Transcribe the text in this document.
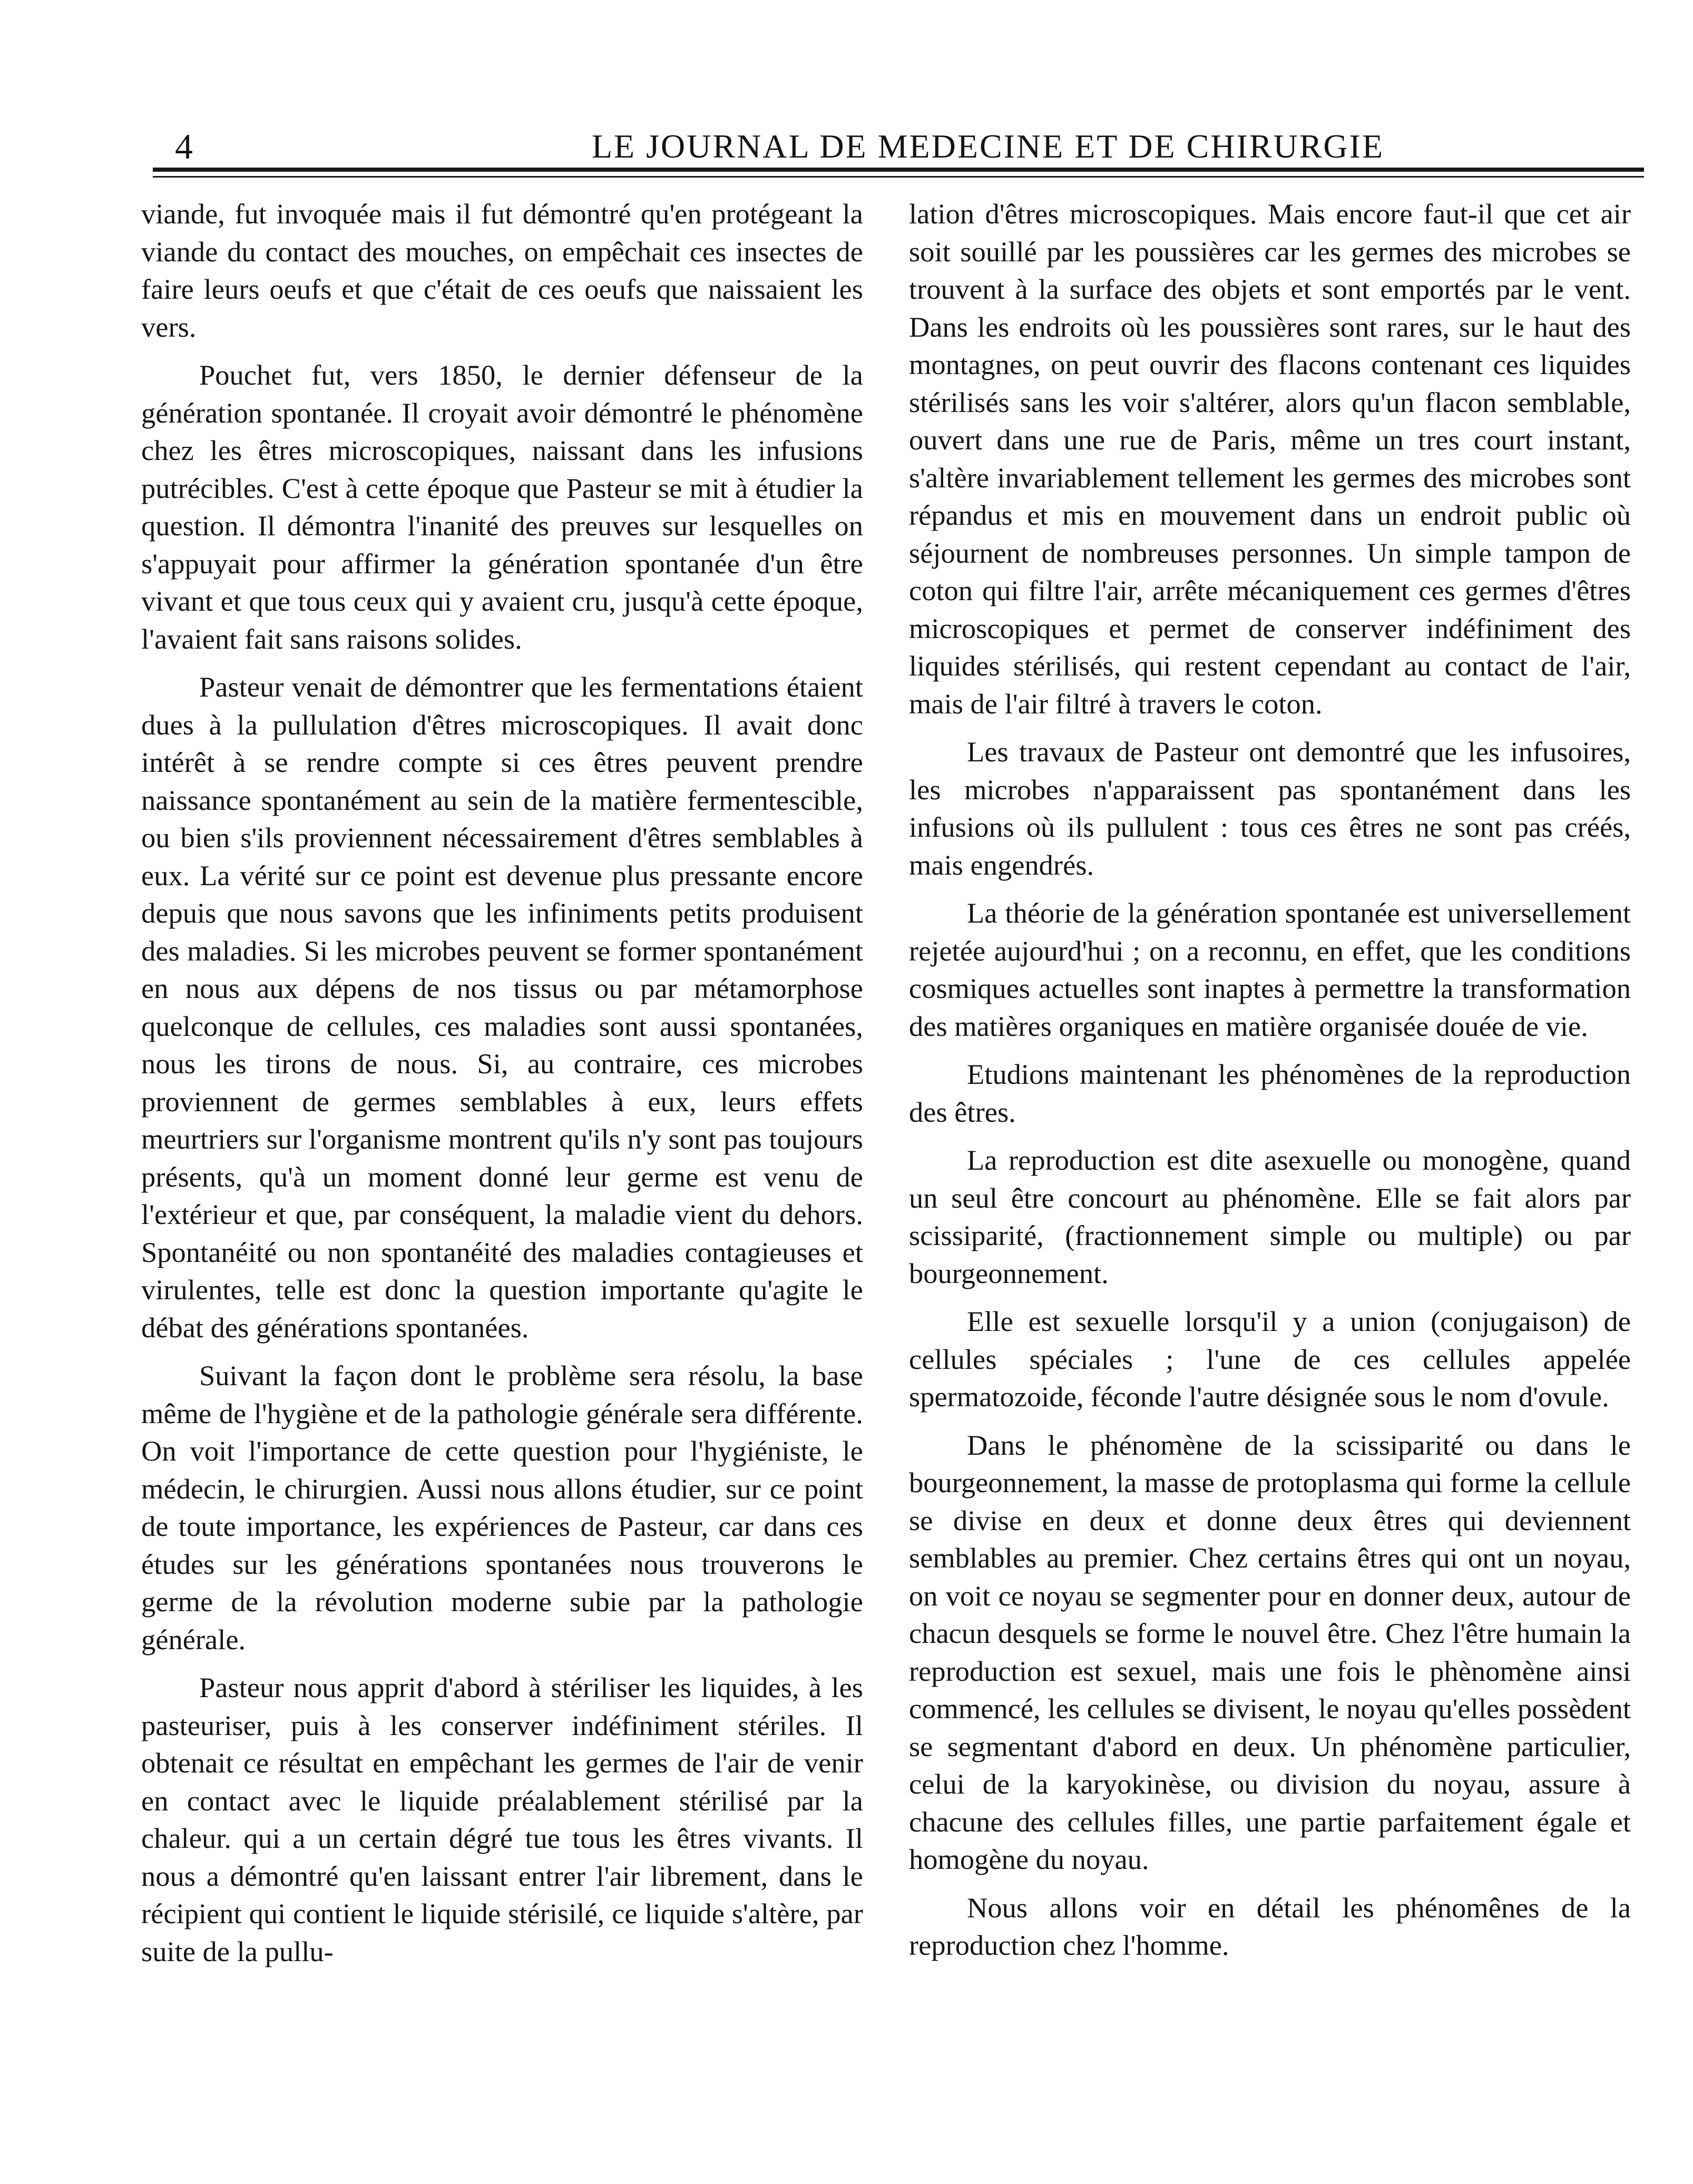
4	LE JOURNAL DE MEDECINE ET DE CHIRURGIE

viande, fut invoquée mais il fut démontré qu'en protégeant la viande du contact des mouches, on empêchait ces insectes de faire leurs oeufs et que c'était de ces oeufs que naissaient les vers.

Pouchet fut, vers 1850, le dernier défenseur de la génération spontanée. Il croyait avoir démontré le phénomène chez les êtres microscopiques, naissant dans les infusions putrécibles. C'est à cette époque que Pasteur se mit à étudier la question. Il démontra l'inanité des preuves sur lesquelles on s'appuyait pour affirmer la génération spontanée d'un être vivant et que tous ceux qui y avaient cru, jusqu'à cette époque, l'avaient fait sans raisons solides.

Pasteur venait de démontrer que les fermentations étaient dues à la pullulation d'êtres microscopiques. Il avait donc intérêt à se rendre compte si ces êtres peuvent prendre naissance spontanément au sein de la matière fermentescible, ou bien s'ils proviennent nécessairement d'êtres semblables à eux. La vérité sur ce point est devenue plus pressante encore depuis que nous savons que les infiniments petits produisent des maladies. Si les microbes peuvent se former spontanément en nous aux dépens de nos tissus ou par métamorphose quelconque de cellules, ces maladies sont aussi spontanées, nous les tirons de nous. Si, au contraire, ces microbes proviennent de germes semblables à eux, leurs effets meurtriers sur l'organisme montrent qu'ils n'y sont pas toujours présents, qu'à un moment donné leur germe est venu de l'extérieur et que, par conséquent, la maladie vient du dehors. Spontanéité ou non spontanéité des maladies contagieuses et virulentes, telle est donc la question importante qu'agite le débat des générations spontanées.

Suivant la façon dont le problème sera résolu, la base même de l'hygiène et de la pathologie générale sera différente. On voit l'importance de cette question pour l'hygiéniste, le médecin, le chirurgien. Aussi nous allons étudier, sur ce point de toute importance, les expériences de Pasteur, car dans ces études sur les générations spontanées nous trouverons le germe de la révolution moderne subie par la pathologie générale.

Pasteur nous apprit d'abord à stériliser les liquides, à les pasteuriser, puis à les conserver indéfiniment stériles. Il obtenait ce résultat en empêchant les germes de l'air de venir en contact avec le liquide préalablement stérilisé par la chaleur. qui a un certain dégré tue tous les êtres vivants. Il nous a démontré qu'en laissant entrer l'air librement, dans le récipient qui contient le liquide stérisilé, ce liquide s'altère, par suite de la pullu-

lation d'êtres microscopiques. Mais encore faut-il que cet air soit souillé par les poussières car les germes des microbes se trouvent à la surface des objets et sont emportés par le vent. Dans les endroits où les poussières sont rares, sur le haut des montagnes, on peut ouvrir des flacons contenant ces liquides stérilisés sans les voir s'altérer, alors qu'un flacon semblable, ouvert dans une rue de Paris, même un tres court instant, s'altère invariablement tellement les germes des microbes sont répandus et mis en mouvement dans un endroit public où séjournent de nombreuses personnes. Un simple tampon de coton qui filtre l'air, arrête mécaniquement ces germes d'êtres microscopiques et permet de conserver indéfiniment des liquides stérilisés, qui restent cependant au contact de l'air, mais de l'air filtré à travers le coton.

Les travaux de Pasteur ont demontré que les infusoires, les microbes n'apparaissent pas spontanément dans les infusions où ils pullulent : tous ces êtres ne sont pas créés, mais engendrés.

La théorie de la génération spontanée est universellement rejetée aujourd'hui ; on a reconnu, en effet, que les conditions cosmiques actuelles sont inaptes à permettre la transformation des matières organiques en matière organisée douée de vie.

Etudions maintenant les phénomènes de la reproduction des êtres.

La reproduction est dite asexuelle ou monogène, quand un seul être concourt au phénomène. Elle se fait alors par scissiparité, (fractionnement simple ou multiple) ou par bourgeonnement.

Elle est sexuelle lorsqu'il y a union (conjugaison) de cellules spéciales ; l'une de ces cellules appelée spermatozoide, féconde l'autre désignée sous le nom d'ovule.

Dans le phénomène de la scissiparité ou dans le bourgeonnement, la masse de protoplasma qui forme la cellule se divise en deux et donne deux êtres qui deviennent semblables au premier. Chez certains êtres qui ont un noyau, on voit ce noyau se segmenter pour en donner deux, autour de chacun desquels se forme le nouvel être. Chez l'être humain la reproduction est sexuel, mais une fois le phènomène ainsi commencé, les cellules se divisent, le noyau qu'elles possèdent se segmentant d'abord en deux. Un phénomène particulier, celui de la karyokinèse, ou division du noyau, assure à chacune des cellules filles, une partie parfaitement égale et homogène du noyau.

Nous allons voir en détail les phénomênes de la reproduction chez l'homme.
